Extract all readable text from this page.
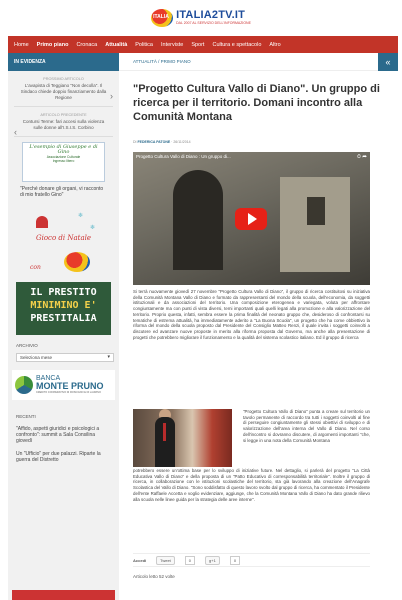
ITALIA ITALIA2TV.IT
DAL 2007 AL SERVIZIO DELL'INFORMAZIONE
Home Primo piano Cronaca Attualità Politica Interviste Sport Cultura e spettacolo Altro
IN EVIDENZA
PROSSIMO ARTICOLO
›
L'avapista di Teggiano "Non decolla". Il Sindaco chiede doppio finanziamento dalla Regione
ARTICOLO PRECEDENTE
‹
Contursi Terme: fari accesi sulla violenza sulle donne all'I.S.I.S. Corbino
L'esempio di Giuseppe e di Gino
Associazione Culturale
Ingresso libero
"Perché donare gli organi, vi racconto di mio fratello Gino"
❄
❄
Gioco di Natale
con
IL PRESTITO
MINIMINO E'
PRESTITALIA
ARCHIVIO
Seleziona mese ▾
BANCA
MONTE PRUNO
CREDITO COOPERATIVO DI ROSCIGNO E DI LAURINO
RECENTI
"Affido, aspetti giuridici e psicologici a confronto": summit a Sala Consilina giovedì
Un "Ufficio" per due palazzi. Riparte la guerra del Distretto
ATTUALITÀ / PRIMO PIANO	«
"Progetto Cultura Vallo di Diano". Un gruppo di ricerca per il territorio. Domani incontro alla Comunità Montana
DI FEDERICA PATONE · 26/11/2014
Progetto Cultura Vallo di Diano : Un gruppo di...	⏱ ➦

Si terrà nuovamente giovedì 27 novembre "Progetto Cultura Vallo di Diano", il gruppo di ricerca costituitosi su iniziativa della Comunità Montana Vallo di Diano e formato da rappresentanti del mondo della scuola, dell'economia, da soggetti istituzionali e da associazioni del territorio. Una composizione eterogenea e variegata, voluta per affrontare congiuntamente ma con punti di vista diversi, temi importanti quali quelli legati alla promozione e alla valorizzazione del territorio. Proprio questa, infatti, sembra essere la prima finalità del neonato gruppo che, desideroso di confrontarsi su tematiche di estrema attualità, ha immediatamente aderito a "La Buona Scuola", un progetto che ha come obbiettivo la riforma del mondo della scuola proposto dal Presidente del Consiglio Matteo Renzi, il quale invita i soggetti coinvolti a discutere ed avanzare nuove proposte in merito alla riforma proposta dal Governo, ma anche alla presentazione di progetti che potrebbero migliorare il funzionamento e la qualità del sistema scolastico italiano. Ed il gruppo di ricerca

"Progetto Cultura Vallo di Diano" punta a creare sul territorio un tavolo permanente di raccordo tra tutti i soggetti coinvolti al fine di perseguire congiuntamente gli stessi obiettivi di sviluppo e di valorizzazione dell'area interna del Vallo di Diano. Nel corso dell'incontro si dovranno discutere, di argomenti importanti "che, si legge in una nota della Comunità Montana

potrebbero essere un'ottima base per lo sviluppo di iniziative future. Nel dettaglio, si parlerà del progetto "La Città Educativa Vallo di Diano" e della proposta di un "Patto Educativo di corresponsabilità territoriale". Inoltre il gruppo di ricerca, in collaborazione con le istituzioni scolastiche del territorio, sta già lavorando alla creazione dell'Anagrafe Scolastica del Vallo di Diano. "Sono soddisfatto di questo lavoro svolto dal gruppo di ricerca, ha commentato il Presidente dell'ente Raffaele Accetta e voglio evidenziare, aggiunge, che la Comunità Montana Vallo di Diano ha dato grande rilievo alla scuola nelle linee guida per la strategia delle aree interne".

Accedi	Tweet	0	g+1	0
Articolo letto 52 volte
